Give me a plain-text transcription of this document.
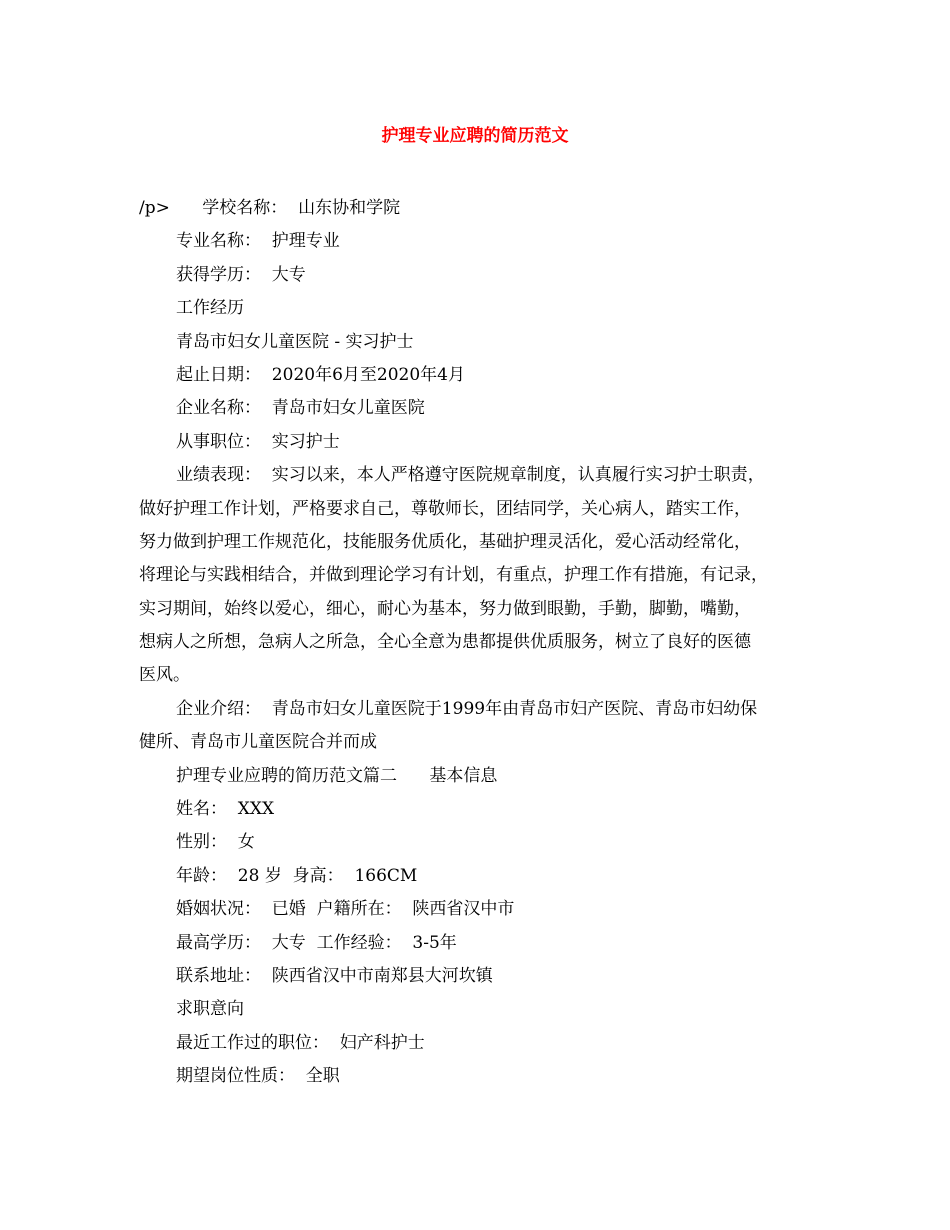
护理专业应聘的简历范文
/p>      学校名称：  山东协和学院
专业名称：  护理专业
获得学历：  大专
工作经历
青岛市妇女儿童医院 - 实习护士
起止日期：  2020年6月至2020年4月
企业名称：  青岛市妇女儿童医院
从事职位：  实习护士
业绩表现：  实习以来，本人严格遵守医院规章制度，认真履行实习护士职责，
做好护理工作计划，严格要求自己，尊敬师长，团结同学，关心病人，踏实工作，
努力做到护理工作规范化，技能服务优质化，基础护理灵活化，爱心活动经常化，
将理论与实践相结合，并做到理论学习有计划，有重点，护理工作有措施，有记录，
实习期间，始终以爱心，细心，耐心为基本，努力做到眼勤，手勤，脚勤，嘴勤，
想病人之所想，急病人之所急，全心全意为患都提供优质服务，树立了良好的医德
医风。
企业介绍：  青岛市妇女儿童医院于1999年由青岛市妇产医院、青岛市妇幼保
健所、青岛市儿童医院合并而成
护理专业应聘的简历范文篇二      基本信息
姓名：  XXX
性别：  女
年龄：  28 岁  身高：  166CM
婚姻状况：  已婚  户籍所在：  陕西省汉中市
最高学历：  大专  工作经验：  3-5年
联系地址：  陕西省汉中市南郑县大河坎镇
求职意向
最近工作过的职位：  妇产科护士
期望岗位性质：  全职
